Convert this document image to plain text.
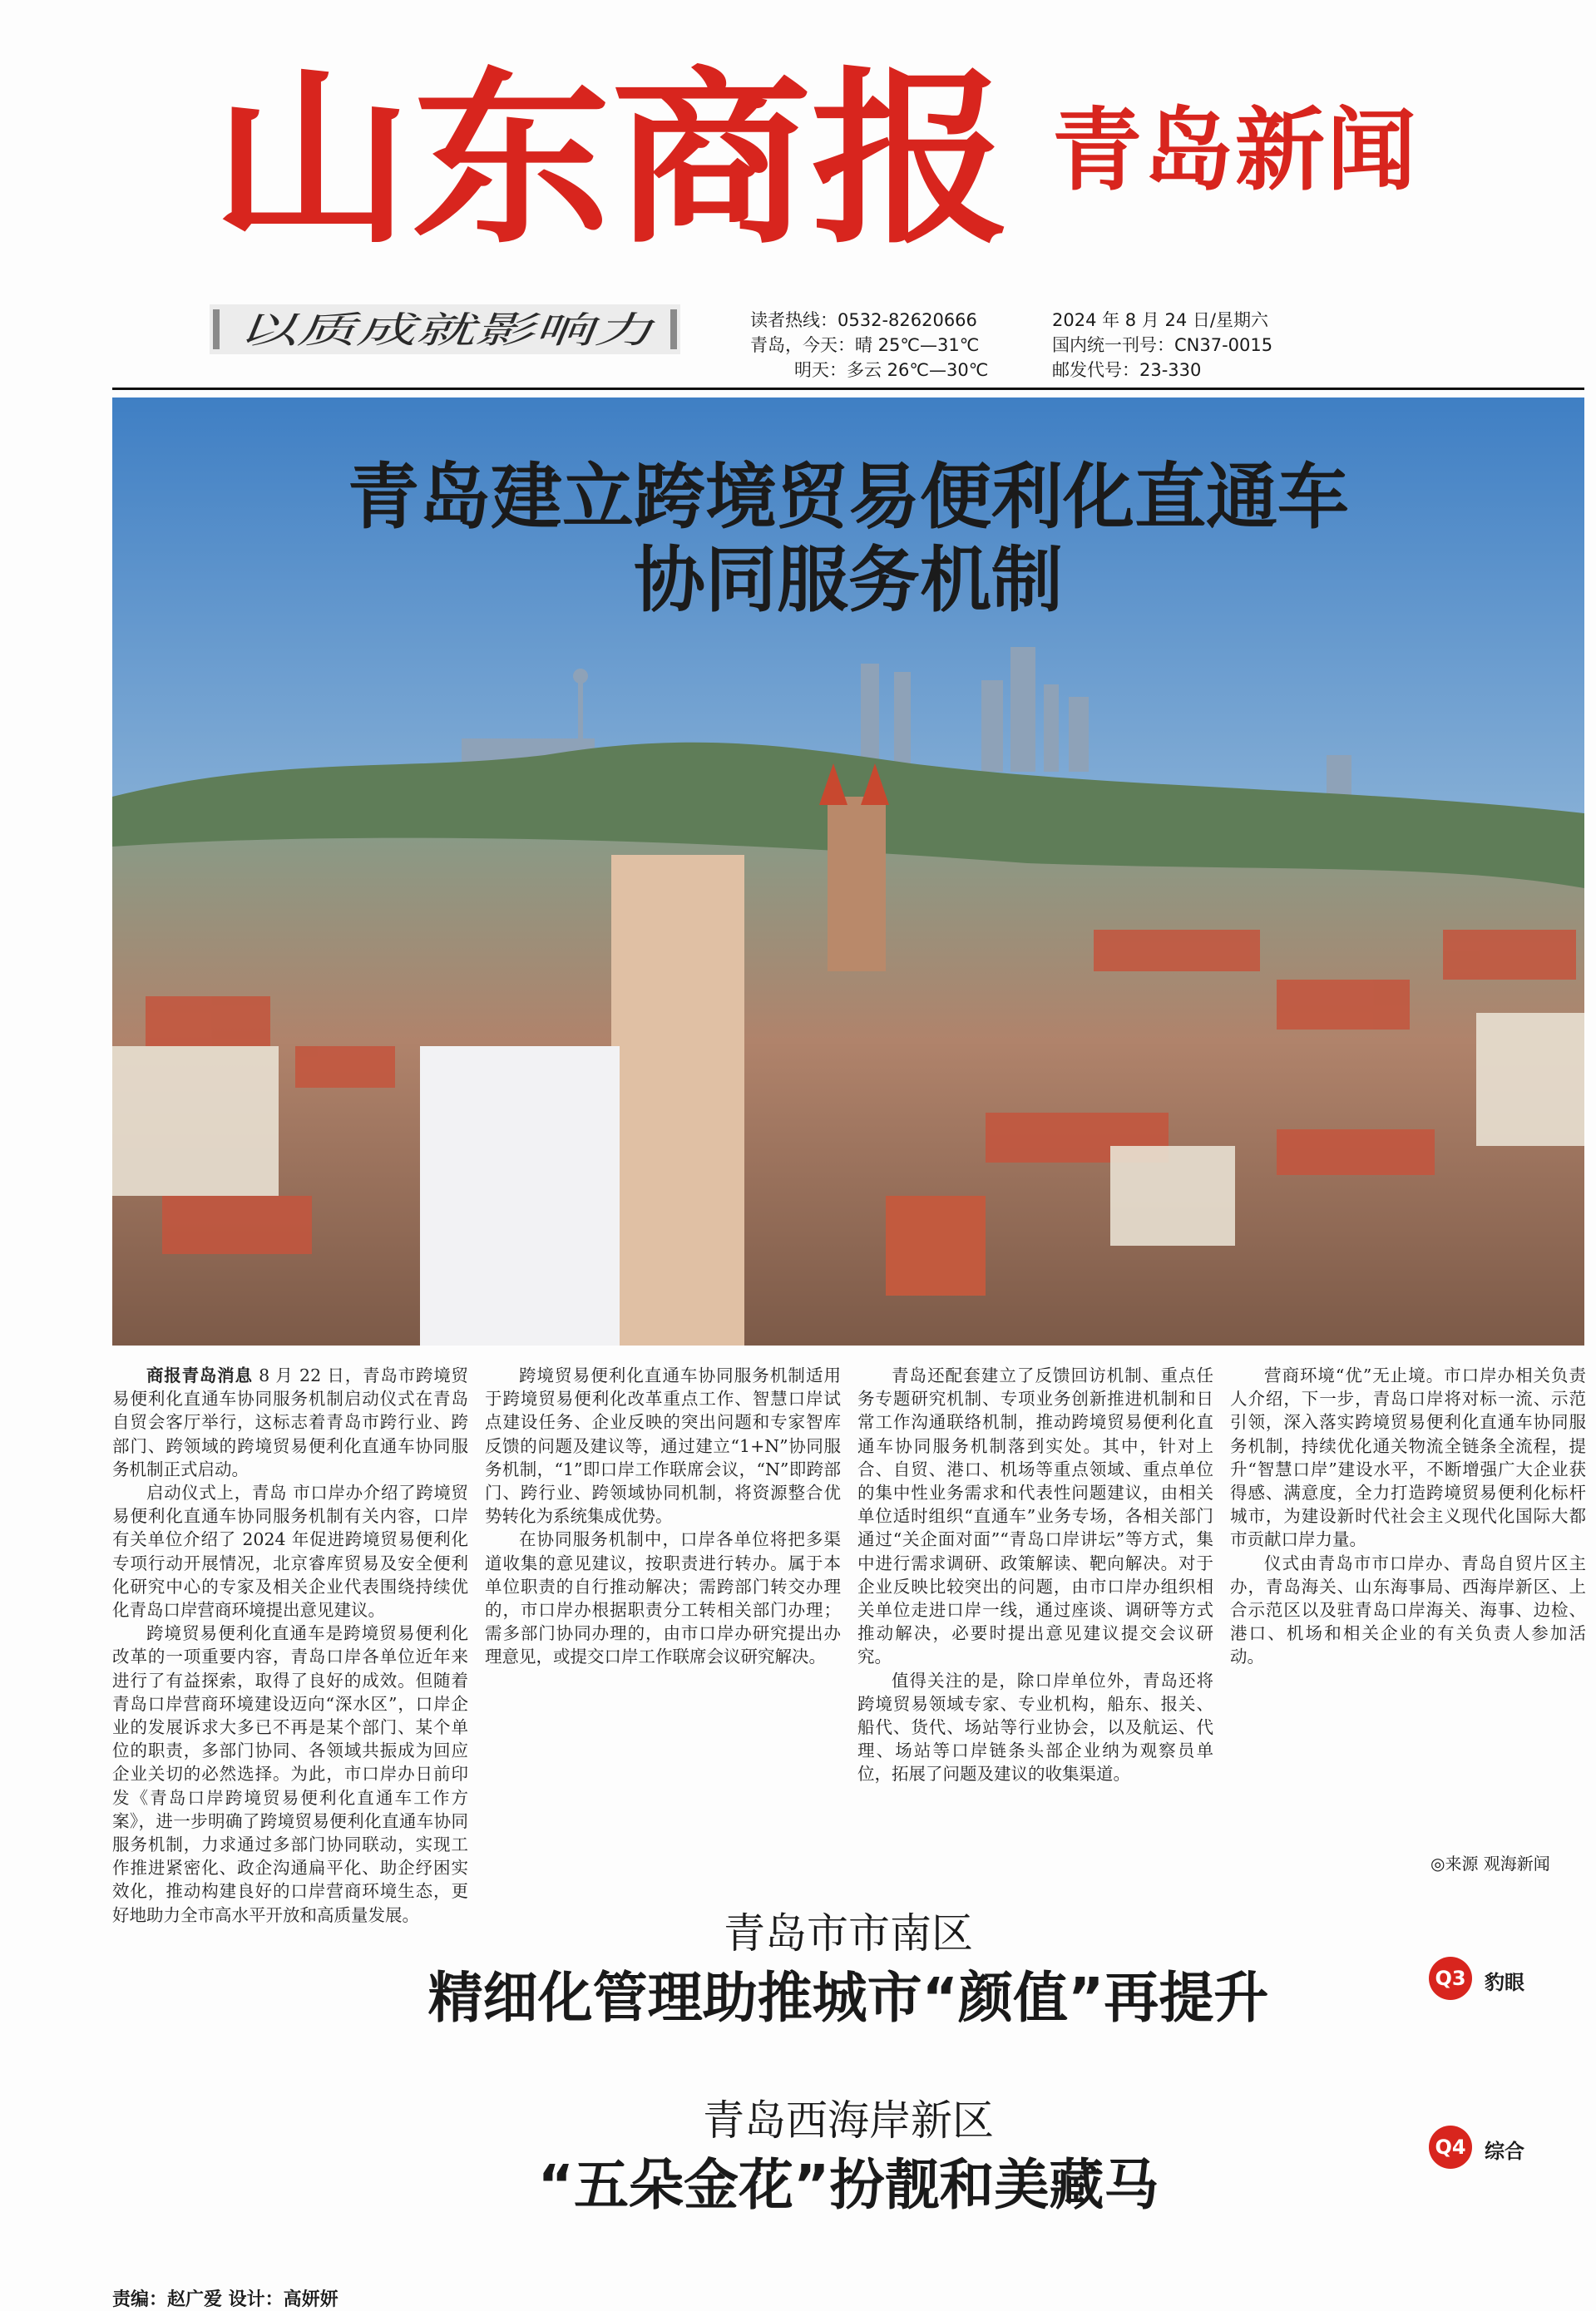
山东商报 青岛新闻
以质成就影响力	读者热线：0532-82620666
青岛，今天：晴 25℃—31℃
明天：多云 26℃—30℃
2024 年 8 月 24 日/星期六
国内统一刊号：CN37-0015
邮发代号：23-330
青岛建立跨境贸易便利化直通车
协同服务机制

商报青岛消息 8 月 22 日，青岛市跨境贸易便利化直通车协同服务机制启动仪式在青岛自贸会客厅举行，这标志着青岛市跨行业、跨部门、跨领域的跨境贸易便利化直通车协同服务机制正式启动。

启动仪式上，青岛 市口岸办介绍了跨境贸易便利化直通车协同服务机制有关内容，口岸有关单位介绍了 2024 年促进跨境贸易便利化专项行动开展情况，北京睿库贸易及安全便利化研究中心的专家及相关企业代表围绕持续优化青岛口岸营商环境提出意见建议。

跨境贸易便利化直通车是跨境贸易便利化改革的一项重要内容，青岛口岸各单位近年来进行了有益探索，取得了良好的成效。但随着青岛口岸营商环境建设迈向“深水区”，口岸企业的发展诉求大多已不再是某个部门、某个单位的职责，多部门协同、各领域共振成为回应企业关切的必然选择。为此，市口岸办日前印发《青岛口岸跨境贸易便利化直通车工作方案》，进一步明确了跨境贸易便利化直通车协同服务机制，力求通过多部门协同联动，实现工作推进紧密化、政企沟通扁平化、助企纾困实效化，推动构建良好的口岸营商环境生态，更好地助力全市高水平开放和高质量发展。

跨境贸易便利化直通车协同服务机制适用于跨境贸易便利化改革重点工作、智慧口岸试点建设任务、企业反映的突出问题和专家智库反馈的问题及建议等，通过建立“1+N”协同服务机制，“1”即口岸工作联席会议，“N”即跨部门、跨行业、跨领域协同机制，将资源整合优势转化为系统集成优势。

在协同服务机制中，口岸各单位将把多渠道收集的意见建议，按职责进行转办。属于本单位职责的自行推动解决；需跨部门转交办理的，市口岸办根据职责分工转相关部门办理；需多部门协同办理的，由市口岸办研究提出办理意见，或提交口岸工作联席会议研究解决。

青岛还配套建立了反馈回访机制、重点任务专题研究机制、专项业务创新推进机制和日常工作沟通联络机制，推动跨境贸易便利化直通车协同服务机制落到实处。其中，针对上合、自贸、港口、机场等重点领域、重点单位的集中性业务需求和代表性问题建议，由相关单位适时组织“直通车”业务专场，各相关部门通过“关企面对面”“青岛口岸讲坛”等方式，集中进行需求调研、政策解读、靶向解决。对于企业反映比较突出的问题，由市口岸办组织相关单位走进口岸一线，通过座谈、调研等方式推动解决，必要时提出意见建议提交会议研究。

值得关注的是，除口岸单位外，青岛还将跨境贸易领域专家、专业机构，船东、报关、船代、货代、场站等行业协会，以及航运、代理、场站等口岸链条头部企业纳为观察员单位，拓展了问题及建议的收集渠道。

营商环境“优”无止境。市口岸办相关负责人介绍，下一步，青岛口岸将对标一流、示范引领，深入落实跨境贸易便利化直通车协同服务机制，持续优化通关物流全链条全流程，提升“智慧口岸”建设水平，不断增强广大企业获得感、满意度，全力打造跨境贸易便利化标杆城市，为建设新时代社会主义现代化国际大都市贡献口岸力量。

仪式由青岛市市口岸办、青岛自贸片区主办，青岛海关、山东海事局、西海岸新区、上合示范区以及驻青岛口岸海关、海事、边检、港口、机场和相关企业的有关负责人参加活动。

◎来源 观海新闻
青岛市市南区
精细化管理助推城市“颜值”再提升	Q3 豹眼
青岛西海岸新区
“五朵金花”扮靓和美藏马
Q4 综合
责编：赵广爱 设计：高妍妍
